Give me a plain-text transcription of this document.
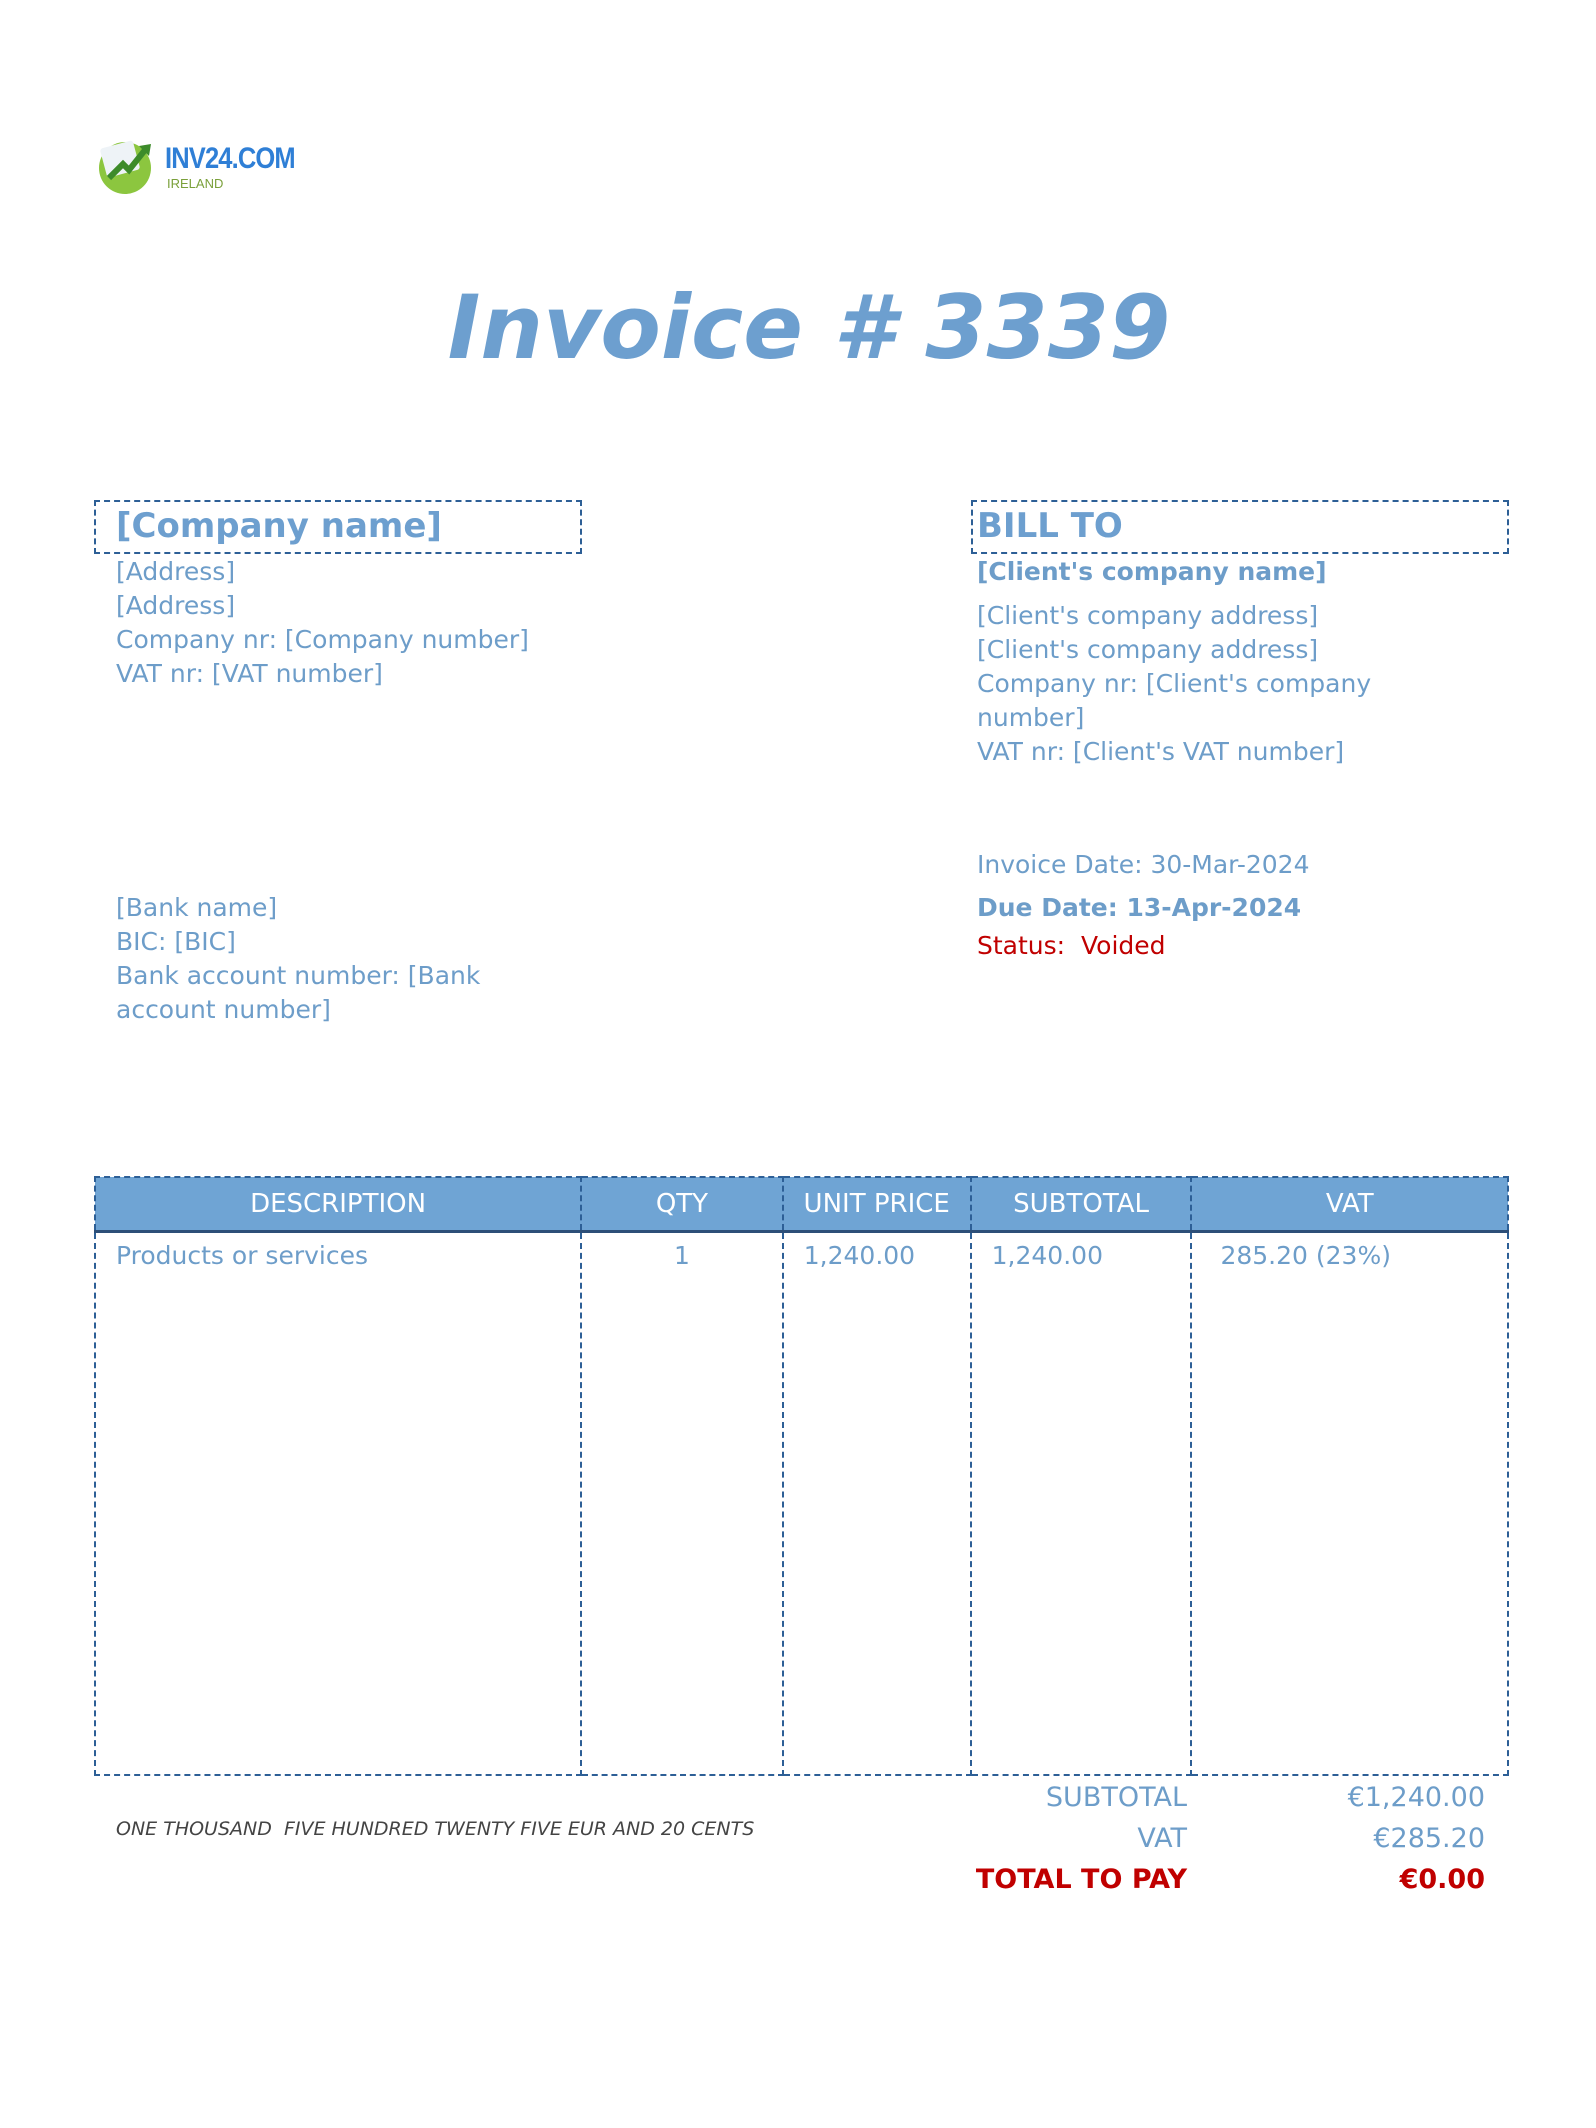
INV24.COM
IRELAND
Invoice # 3339
[Company name]
[Address]
[Address]
Company nr: [Company number]
VAT nr: [VAT number]
BILL TO
[Client's company name]
[Client's company address]
[Client's company address]
Company nr: [Client's company
number]
VAT nr: [Client's VAT number]
Invoice Date: 30-Mar-2024
Due Date: 13-Apr-2024
Status: Voided
[Bank name]
BIC: [BIC]
Bank account number: [Bank
account number]
DESCRIPTION	QTY	UNIT PRICE	SUBTOTAL	VAT
Products or services	1	1,240.00	1,240.00	285.20 (23%)
ONE THOUSAND  FIVE HUNDRED TWENTY FIVE EUR AND 20 CENTS
SUBTOTAL	€1,240.00
VAT	€285.20
TOTAL TO PAY	€0.00
